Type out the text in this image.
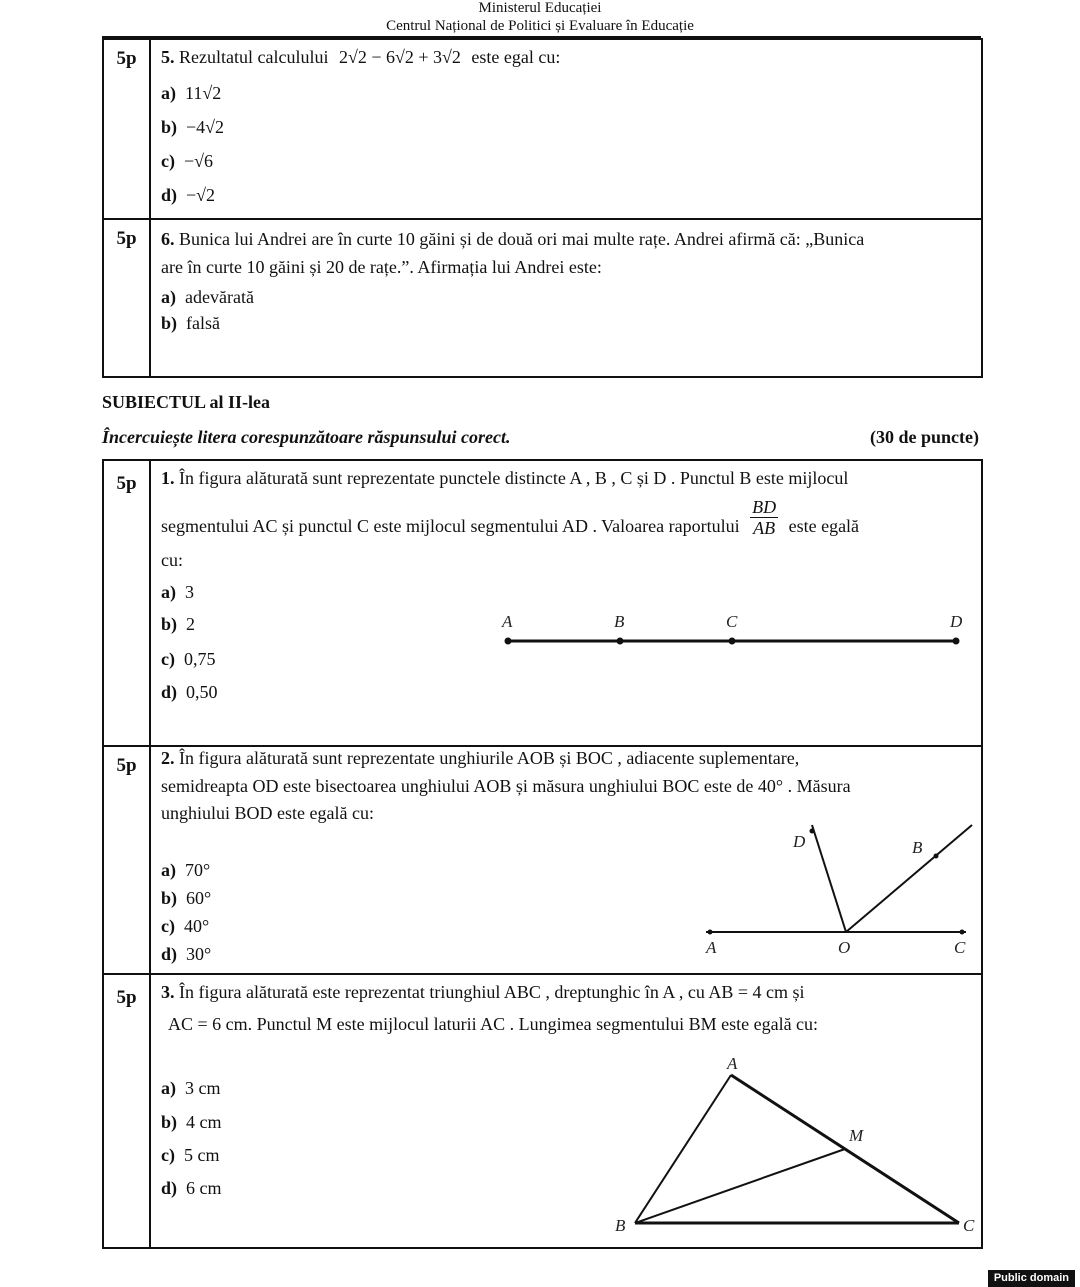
Ministerul Educației
Centrul Național de Politici și Evaluare în Educație
5p	5. Rezultatul calculului 2√2 − 6√2 + 3√2 este egal cu:
a) 11√2
b) −4√2
c) −√6
d) −√2
5p	6. Bunica lui Andrei are în curte 10 găini și de două ori mai multe rațe. Andrei afirmă că: „Bunica
are în curte 10 găini și 20 de rațe.”. Afirmația lui Andrei este:
a) adevărată
b) falsă
SUBIECTUL al II-lea
Încercuiește litera corespunzătoare răspunsului corect.	(30 de puncte)
5p	1. În figura alăturată sunt reprezentate punctele distincte A , B , C și D . Punctul B este mijlocul
segmentului AC și punctul C este mijlocul segmentului AD . Valoarea raportului $\frac{BD}{AB}$ este egală
cu:
a) 3
b) 2
c) 0,75
d) 0,50
A	B	C	D
5p	2. În figura alăturată sunt reprezentate unghiurile AOB și BOC , adiacente suplementare,
semidreapta OD este bisectoarea unghiului AOB și măsura unghiului BOC este de 40° . Măsura
unghiului BOD este egală cu:
a) 70°
b) 60°
c) 40°
d) 30°
D	B
A	O	C
5p	3. În figura alăturată este reprezentat triunghiul ABC , dreptunghic în A , cu AB = 4 cm și
AC = 6 cm. Punctul M este mijlocul laturii AC . Lungimea segmentului BM este egală cu:
a) 3 cm
b) 4 cm
c) 5 cm
d) 6 cm
A
M
B	C
Public domain
